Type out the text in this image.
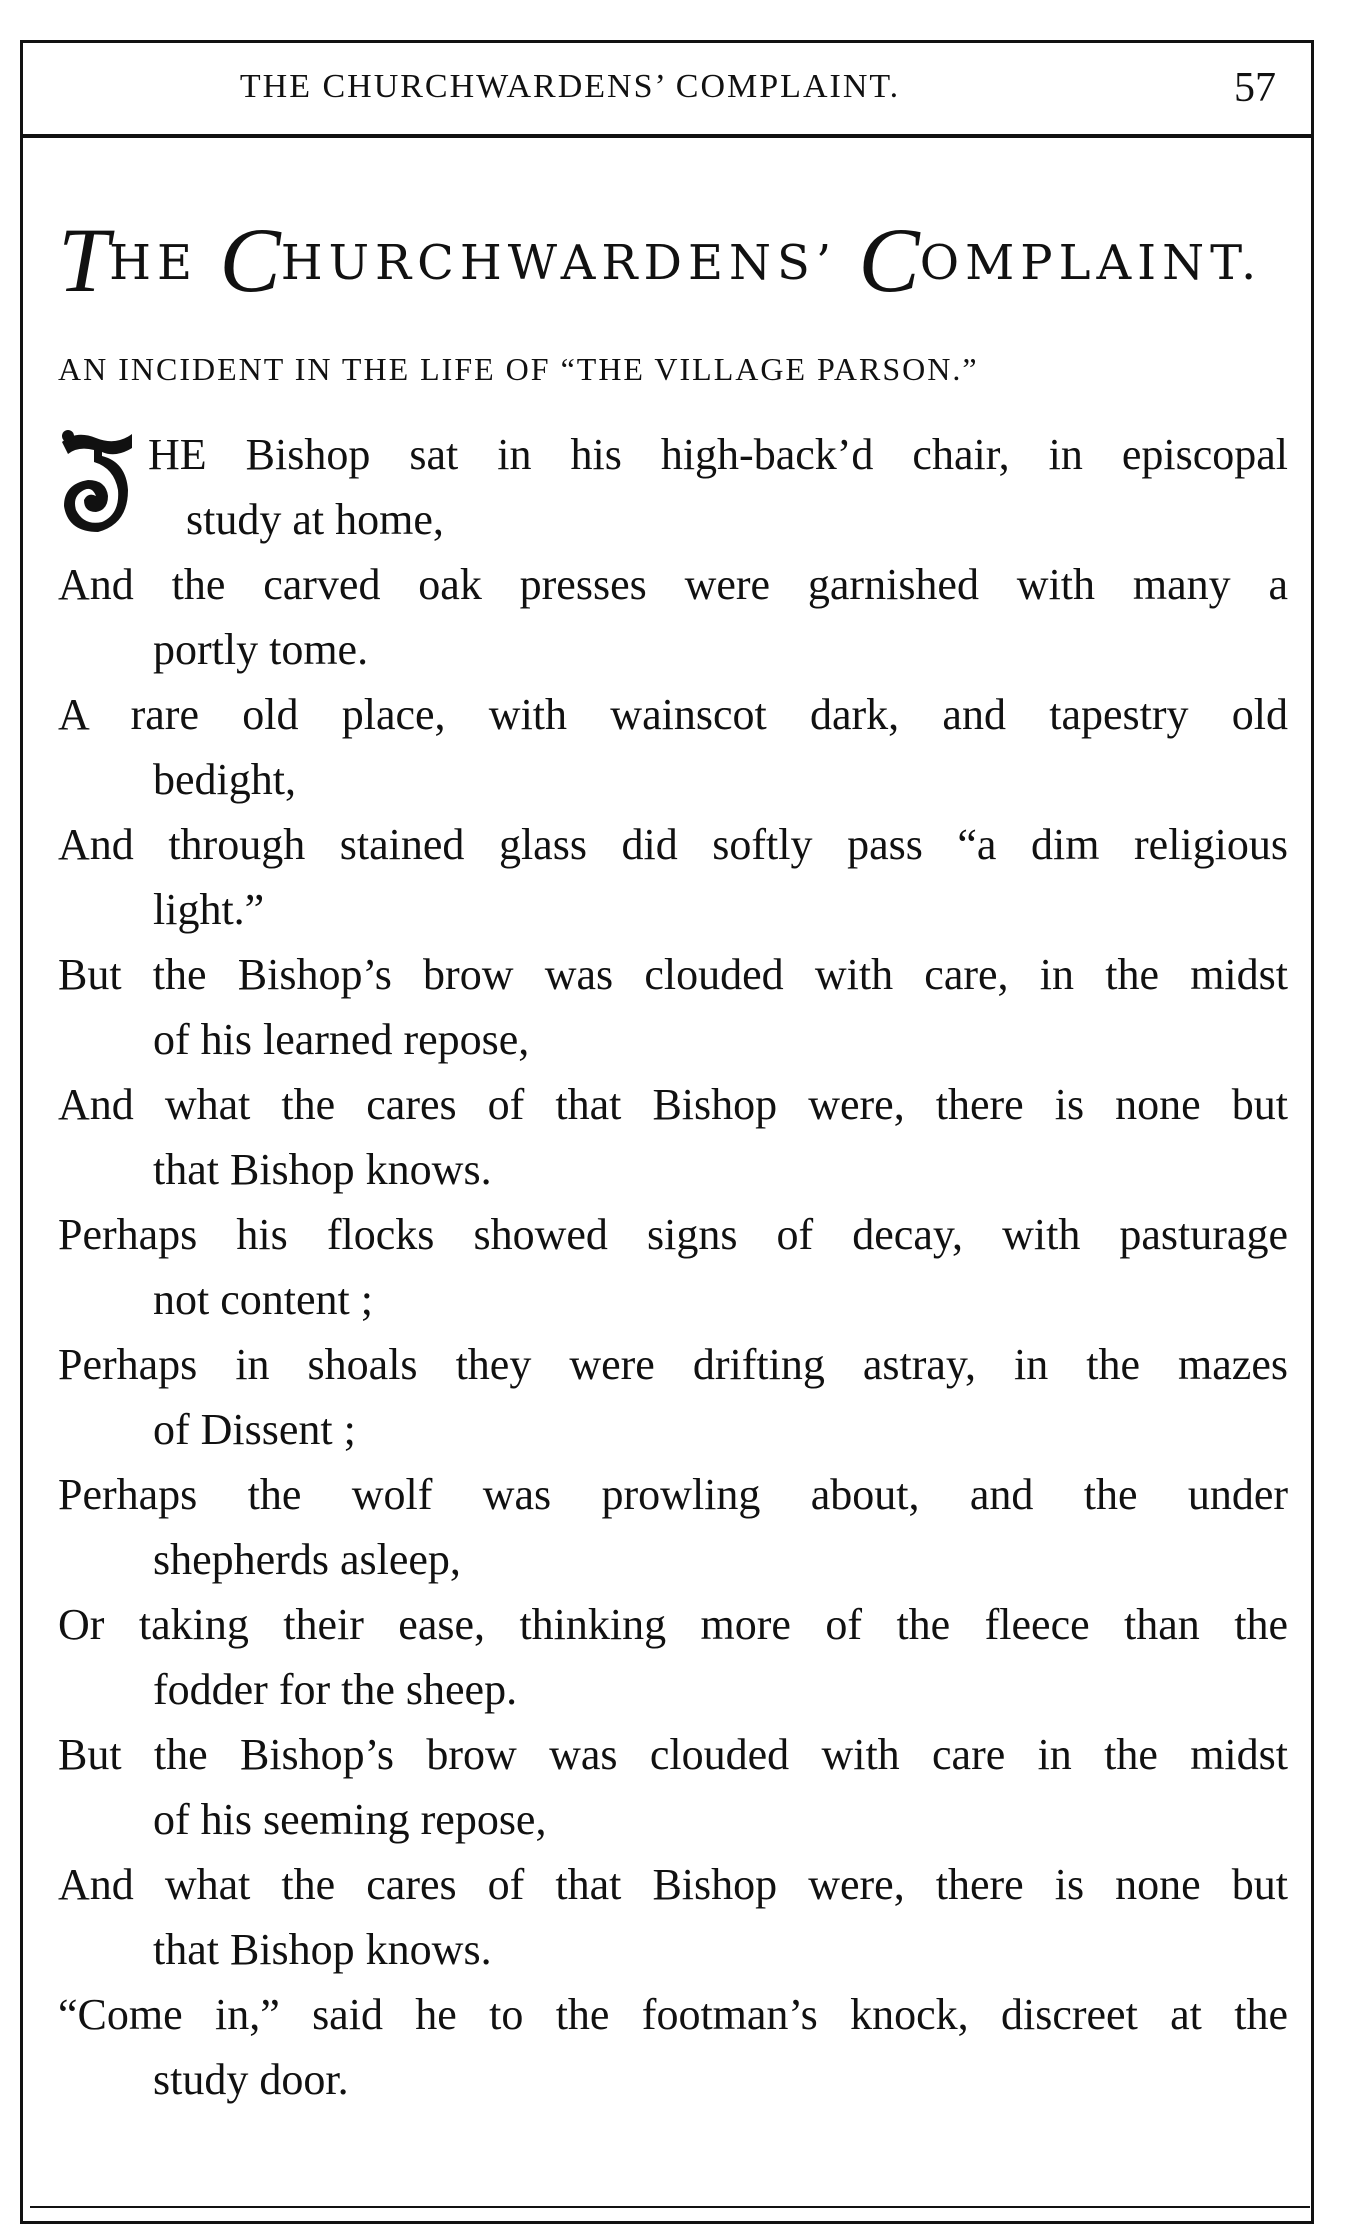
THE CHURCHWARDENS’ COMPLAINT.	57
THE CHURCHWARDENS’ COMPLAINT.
AN INCIDENT IN THE LIFE OF “THE VILLAGE PARSON.”
HE Bishop sat in his high-back’d chair, in episcopal
study at home,
And the carved oak presses were garnished with many a
portly tome.
A rare old place, with wainscot dark, and tapestry old
bedight,
And through stained glass did softly pass “a dim religious
light.”
But the Bishop’s brow was clouded with care, in the midst
of his learned repose,
And what the cares of that Bishop were, there is none but
that Bishop knows.
Perhaps his flocks showed signs of decay, with pasturage
not content ;
Perhaps in shoals they were drifting astray, in the mazes
of Dissent ;
Perhaps the wolf was prowling about, and the under
shepherds asleep,
Or taking their ease, thinking more of the fleece than the
fodder for the sheep.
But the Bishop’s brow was clouded with care in the midst
of his seeming repose,
And what the cares of that Bishop were, there is none but
that Bishop knows.
“Come in,” said he to the footman’s knock, discreet at the
study door.
